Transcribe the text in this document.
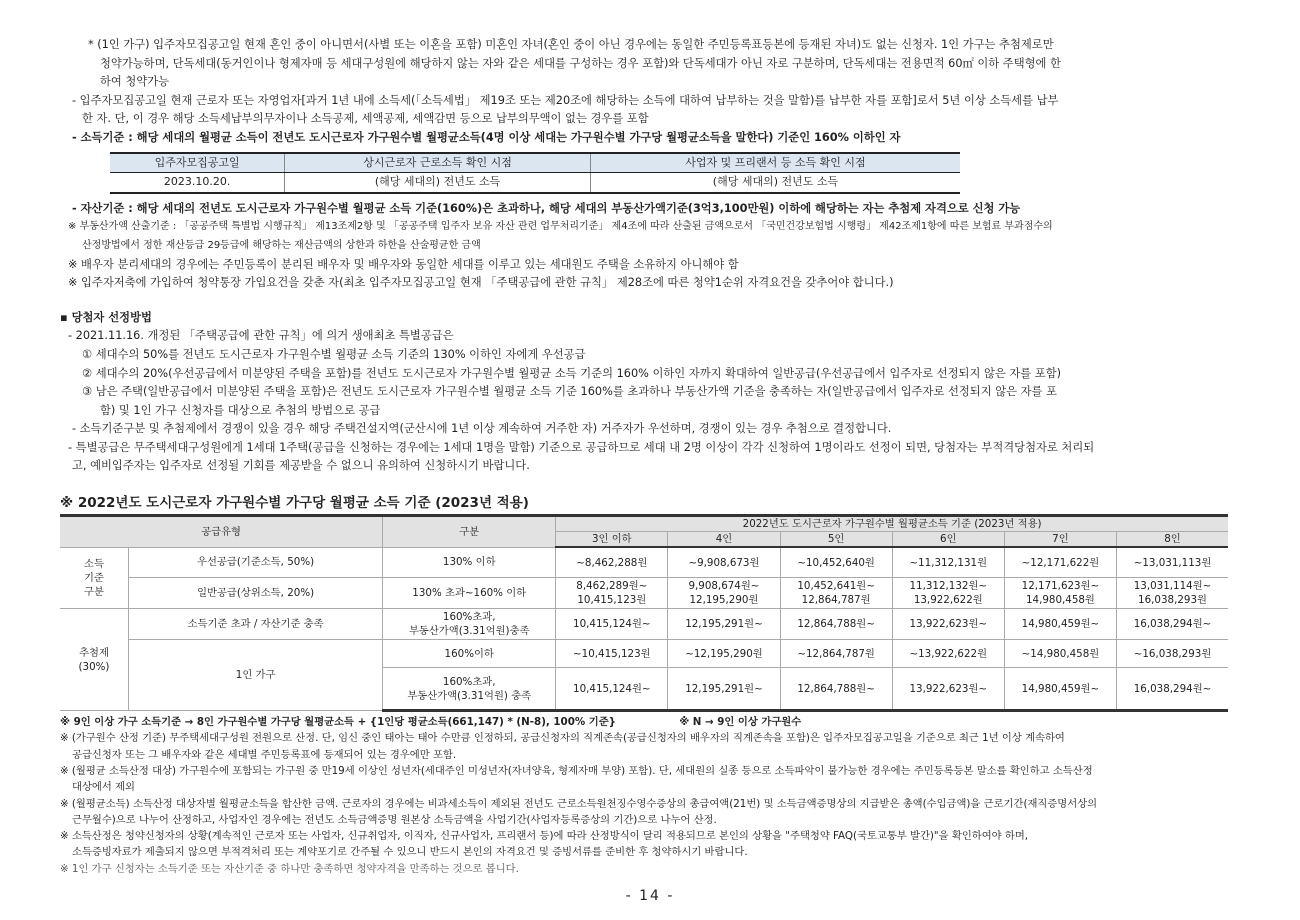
* (1인 가구) 입주자모집공고일 현재 혼인 중이 아니면서(사별 또는 이혼을 포함) 미혼인 자녀(혼인 중이 아닌 경우에는 동일한 주민등록표등본에 등재된 자녀)도 없는 신청자. 1인 가구는 추첨제로만
청약가능하며, 단독세대(동거인이나 형제자매 등 세대구성원에 해당하지 않는 자와 같은 세대를 구성하는 경우 포함)와 단독세대가 아닌 자로 구분하며, 단독세대는 전용면적 60㎡ 이하 주택형에 한
하여 청약가능
- 입주자모집공고일 현재 근로자 또는 자영업자[과거 1년 내에 소득세(「소득세법」 제19조 또는 제20조에 해당하는 소득에 대하여 납부하는 것을 말함)를 납부한 자를 포함]로서 5년 이상 소득세를 납부
한 자. 단, 이 경우 해당 소득세납부의무자이나 소득공제, 세액공제, 세액감면 등으로 납부의무액이 없는 경우를 포함
- 소득기준 : 해당 세대의 월평균 소득이 전년도 도시근로자 가구원수별 월평균소득(4명 이상 세대는 가구원수별 가구당 월평균소득을 말한다) 기준인 160% 이하인 자
입주자모집공고일	상시근로자 근로소득 확인 시점	사업자 및 프리랜서 등 소득 확인 시점
2023.10.20.	(해당 세대의) 전년도 소득	(해당 세대의) 전년도 소득
- 자산기준 : 해당 세대의 전년도 도시근로자 가구원수별 월평균 소득 기준(160%)은 초과하나, 해당 세대의 부동산가액기준(3억3,100만원) 이하에 해당하는 자는 추첨제 자격으로 신청 가능
※ 부동산가액 산출기준 : 「공공주택 특별법 시행규칙」 제13조제2항 및 「공공주택 입주자 보유 자산 관련 업무처리기준」 제4조에 따라 산출된 금액으로서 「국민건강보험법 시행령」 제42조제1항에 따른 보험료 부과점수의
산정방법에서 정한 재산등급 29등급에 해당하는 재산금액의 상한과 하한을 산술평균한 금액
※ 배우자 분리세대의 경우에는 주민등록이 분리된 배우자 및 배우자와 동일한 세대를 이루고 있는 세대원도 주택을 소유하지 아니해야 함
※ 입주자저축에 가입하여 청약통장 가입요건을 갖춘 자(최초 입주자모집공고일 현재 「주택공급에 관한 규칙」 제28조에 따른 청약1순위 자격요건을 갖추어야 합니다.)
▪ 당첨자 선정방법
- 2021.11.16. 개정된 「주택공급에 관한 규칙」에 의거 생애최초 특별공급은
① 세대수의 50%를 전년도 도시근로자 가구원수별 월평균 소득 기준의 130% 이하인 자에게 우선공급
② 세대수의 20%(우선공급에서 미분양된 주택을 포함)를 전년도 도시근로자 가구원수별 월평균 소득 기준의 160% 이하인 자까지 확대하여 일반공급(우선공급에서 입주자로 선정되지 않은 자를 포함)
③ 남은 주택(일반공급에서 미분양된 주택을 포함)은 전년도 도시근로자 가구원수별 월평균 소득 기준 160%를 초과하나 부동산가액 기준을 충족하는 자(일반공급에서 입주자로 선정되지 않은 자를 포
함) 및 1인 가구 신청자를 대상으로 추첨의 방법으로 공급
- 소득기준구분 및 추첨제에서 경쟁이 있을 경우 해당 주택건설지역(군산시에 1년 이상 계속하여 거주한 자) 거주자가 우선하며, 경쟁이 있는 경우 추첨으로 결정합니다.
- 특별공급은 무주택세대구성원에게 1세대 1주택(공급을 신청하는 경우에는 1세대 1명을 말함) 기준으로 공급하므로 세대 내 2명 이상이 각각 신청하여 1명이라도 선정이 되면, 당첨자는 부적격당첨자로 처리되
고, 예비입주자는 입주자로 선정될 기회를 제공받을 수 없으니 유의하여 신청하시기 바랍니다.
※ 2022년도 도시근로자 가구원수별 가구당 월평균 소득 기준 (2023년 적용)
공급유형		구분	2022년도 도시근로자 가구원수별 월평균소득 기준 (2023년 적용)					
			3인 이하	4인	5인	6인	7인	8인
소득
기준
구분	우선공급(기준소득, 50%)	130% 이하	~8,462,288원	~9,908,673원	~10,452,640원	~11,312,131원	~12,171,622원	~13,031,113원
	일반공급(상위소득, 20%)	130% 초과~160% 이하	8,462,289원~
10,415,123원	9,908,674원~
12,195,290원	10,452,641원~
12,864,787원	11,312,132원~
13,922,622원	12,171,623원~
14,980,458원	13,031,114원~
16,038,293원
추첨제
(30%)	소득기준 초과 / 자산기준 충족	160%초과,
부동산가액(3.31억원)충족	10,415,124원~	12,195,291원~	12,864,788원~	13,922,623원~	14,980,459원~	16,038,294원~
	1인 가구	160%이하	~10,415,123원	~12,195,290원	~12,864,787원	~13,922,622원	~14,980,458원	~16,038,293원
		160%초과,
부동산가액(3.31억원) 충족	10,415,124원~	12,195,291원~	12,864,788원~	13,922,623원~	14,980,459원~	16,038,294원~
※ 9인 이상 가구 소득기준 → 8인 가구원수별 가구당 월평균소득 + {1인당 평균소득(661,147) * (N-8), 100% 기준}	※ N → 9인 이상 가구원수
※ (가구원수 산정 기준) 무주택세대구성원 전원으로 산정. 단, 임신 중인 태아는 태아 수만큼 인정하되, 공급신청자의 직계존속(공급신청자의 배우자의 직계존속을 포함)은 입주자모집공고일을 기준으로 최근 1년 이상 계속하여
공급신청자 또는 그 배우자와 같은 세대별 주민등록표에 등재되어 있는 경우에만 포함.
※ (월평균 소득산정 대상) 가구원수에 포함되는 가구원 중 만19세 이상인 성년자(세대주인 미성년자(자녀양육, 형제자매 부양) 포함). 단, 세대원의 실종 등으로 소득파악이 불가능한 경우에는 주민등록등본 말소를 확인하고 소득산정
대상에서 제외
※ (월평균소득) 소득산정 대상자별 월평균소득을 합산한 금액. 근로자의 경우에는 비과세소득이 제외된 전년도 근로소득원천징수영수증상의 총급여액(21번) 및 소득금액증명상의 지급받은 총액(수입금액)을 근로기간(재직증명서상의
근무월수)으로 나누어 산정하고, 사업자인 경우에는 전년도 소득금액증명 원본상 소득금액을 사업기간(사업자등록증상의 기간)으로 나누어 산정.
※ 소득산정은 청약신청자의 상황(계속적인 근로자 또는 사업자, 신규취업자, 이직자, 신규사업자, 프리랜서 등)에 따라 산정방식이 달리 적용되므로 본인의 상황을 "주택청약 FAQ(국토교통부 발간)"을 확인하여야 하며,
소득증빙자료가 제출되지 않으면 부적격처리 또는 계약포기로 간주될 수 있으니 반드시 본인의 자격요건 및 증빙서류를 준비한 후 청약하시기 바랍니다.
※ 1인 가구 신청자는 소득기준 또는 자산기준 중 하나만 충족하면 청약자격을 만족하는 것으로 봅니다.
- 14 -
